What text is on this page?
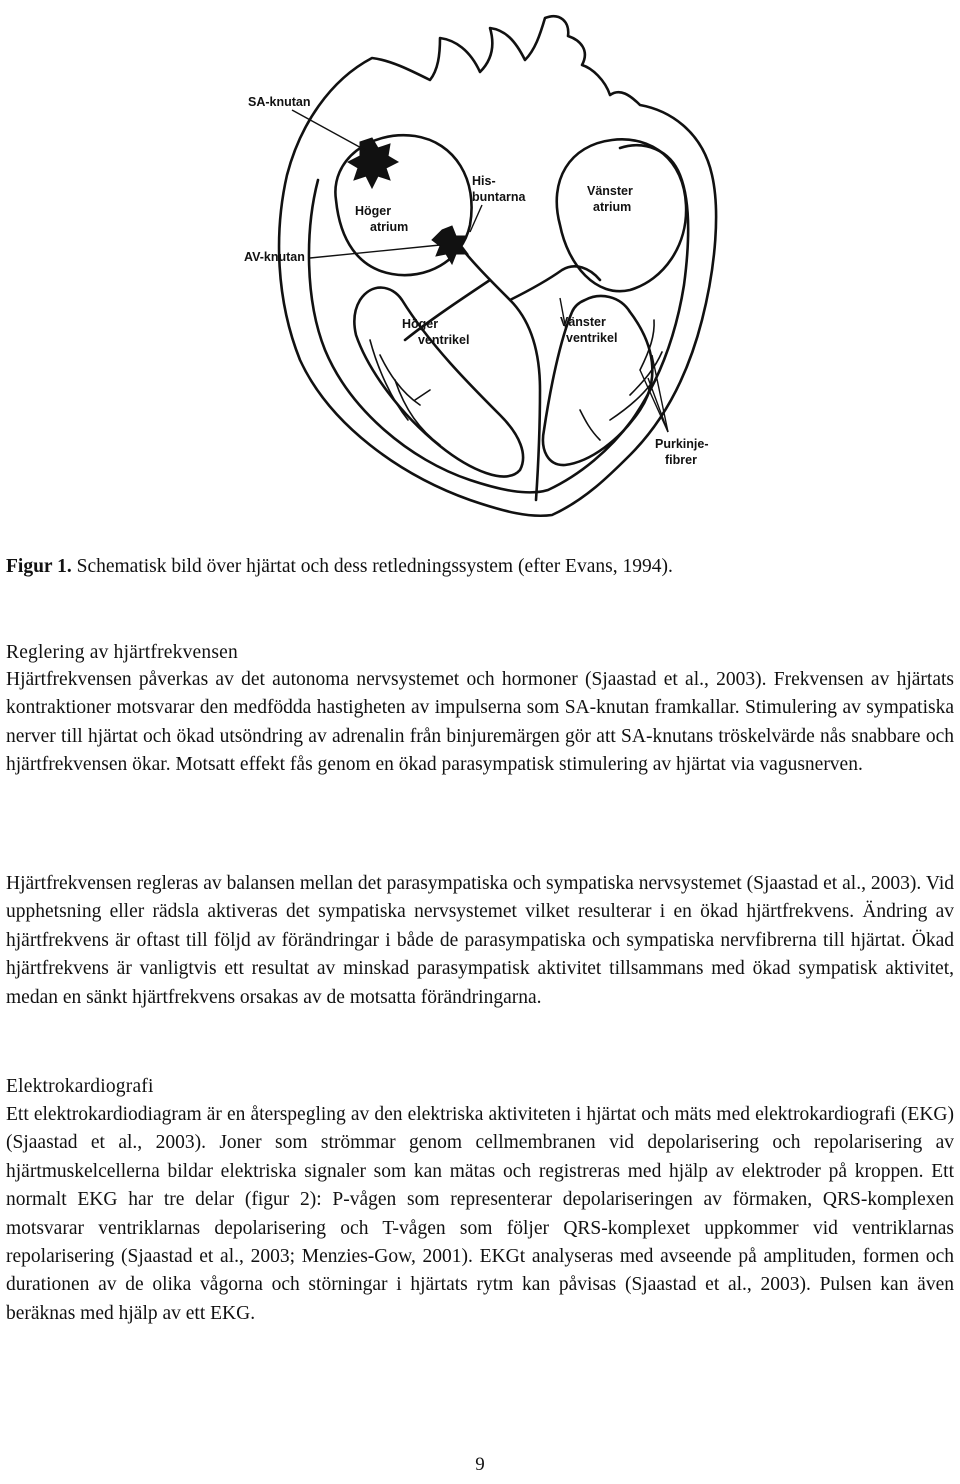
SA-knutan
Höger
atrium
AV-knutan
His-
buntarna	Vänster
atrium
Höger
ventrikel
Vänster
ventrikel
Purkinje-
fibrer
Figur 1. Schematisk bild över hjärtat och dess retledningssystem (efter Evans, 1994).
Reglering av hjärtfrekvensen

Hjärtfrekvensen påverkas av det autonoma nervsystemet och hormoner (Sjaastad et al., 2003). Frekvensen av hjärtats kontraktioner motsvarar den medfödda hastigheten av impulserna som SA-knutan framkallar. Stimulering av sympatiska nerver till hjärtat och ökad utsöndring av adrenalin från binjuremärgen gör att SA-knutans tröskelvärde nås snabbare och hjärtfrekvensen ökar. Motsatt effekt fås genom en ökad parasympatisk stimulering av hjärtat via vagusnerven.

Hjärtfrekvensen regleras av balansen mellan det parasympatiska och sympatiska nervsystemet (Sjaastad et al., 2003). Vid upphetsning eller rädsla aktiveras det sympatiska nervsystemet vilket resulterar i en ökad hjärtfrekvens. Ändring av hjärtfrekvens är oftast till följd av förändringar i både de parasympatiska och sympatiska nervfibrerna till hjärtat. Ökad hjärtfrekvens är vanligtvis ett resultat av minskad parasympatisk aktivitet tillsammans med ökad sympatisk aktivitet, medan en sänkt hjärtfrekvens orsakas av de motsatta förändringarna.

Elektrokardiografi

Ett elektrokardiodiagram är en återspegling av den elektriska aktiviteten i hjärtat och mäts med elektrokardiografi (EKG) (Sjaastad et al., 2003). Joner som strömmar genom cellmembranen vid depolarisering och repolarisering av hjärtmuskelcellerna bildar elektriska signaler som kan mätas och registreras med hjälp av elektroder på kroppen. Ett normalt EKG har tre delar (figur 2): P-vågen som representerar depolariseringen av förmaken, QRS-komplexen motsvarar ventriklarnas depolarisering och T-vågen som följer QRS-komplexet uppkommer vid ventriklarnas repolarisering (Sjaastad et al., 2003; Menzies-Gow, 2001). EKGt analyseras med avseende på amplituden, formen och durationen av de olika vågorna och störningar i hjärtats rytm kan påvisas (Sjaastad et al., 2003). Pulsen kan även beräknas med hjälp av ett EKG.

9
